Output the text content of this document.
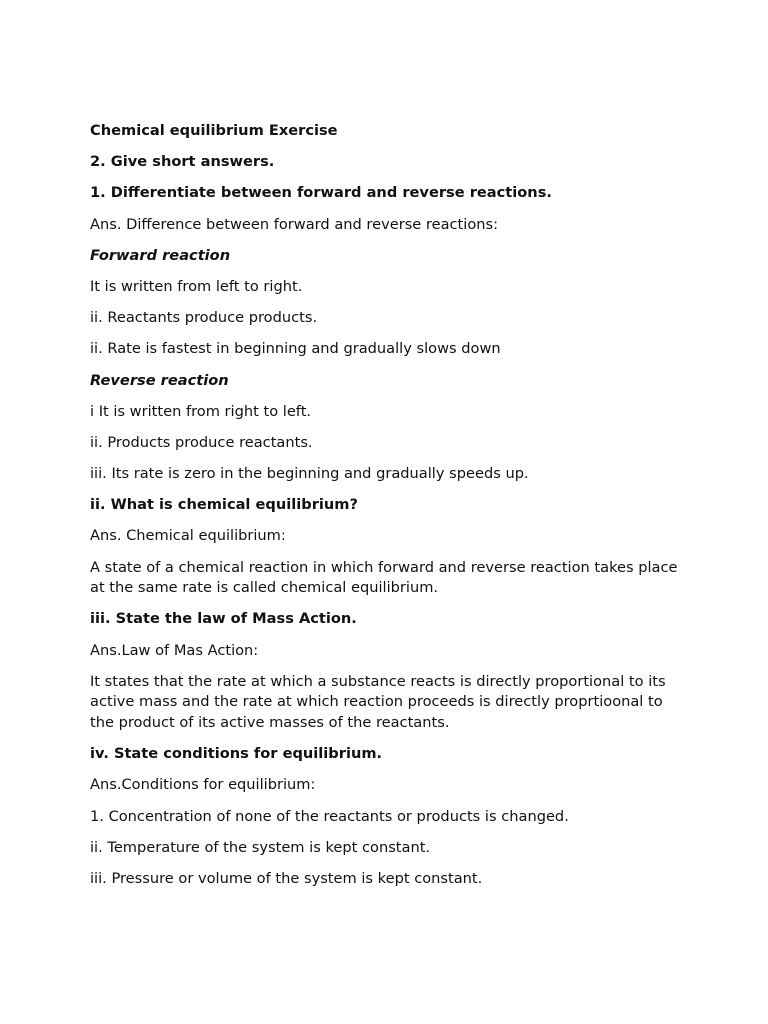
Chemical equilibrium Exercise

2. Give short answers.

1. Differentiate between forward and reverse reactions.

Ans. Difference between forward and reverse reactions:

Forward reaction

It is written from left to right.

ii. Reactants produce products.

ii. Rate is fastest in beginning and gradually slows down

Reverse reaction

i It is written from right to left.

ii. Products produce reactants.

iii. Its rate is zero in the beginning and gradually speeds up.

ii. What is chemical equilibrium?

Ans. Chemical equilibrium:

A state of a chemical reaction in which forward and reverse reaction takes place at the same rate is called chemical equilibrium.

iii. State the law of Mass Action.

Ans.Law of Mas Action:

It states that the rate at which a substance reacts is directly proportional to its active mass and the rate at which reaction proceeds is directly proprtioonal to the product of its active masses of the reactants.

iv. State conditions for equilibrium.

Ans.Conditions for equilibrium:

1. Concentration of none of the reactants or products is changed.

ii. Temperature of the system is kept constant.

iii. Pressure or volume of the system is kept constant.
